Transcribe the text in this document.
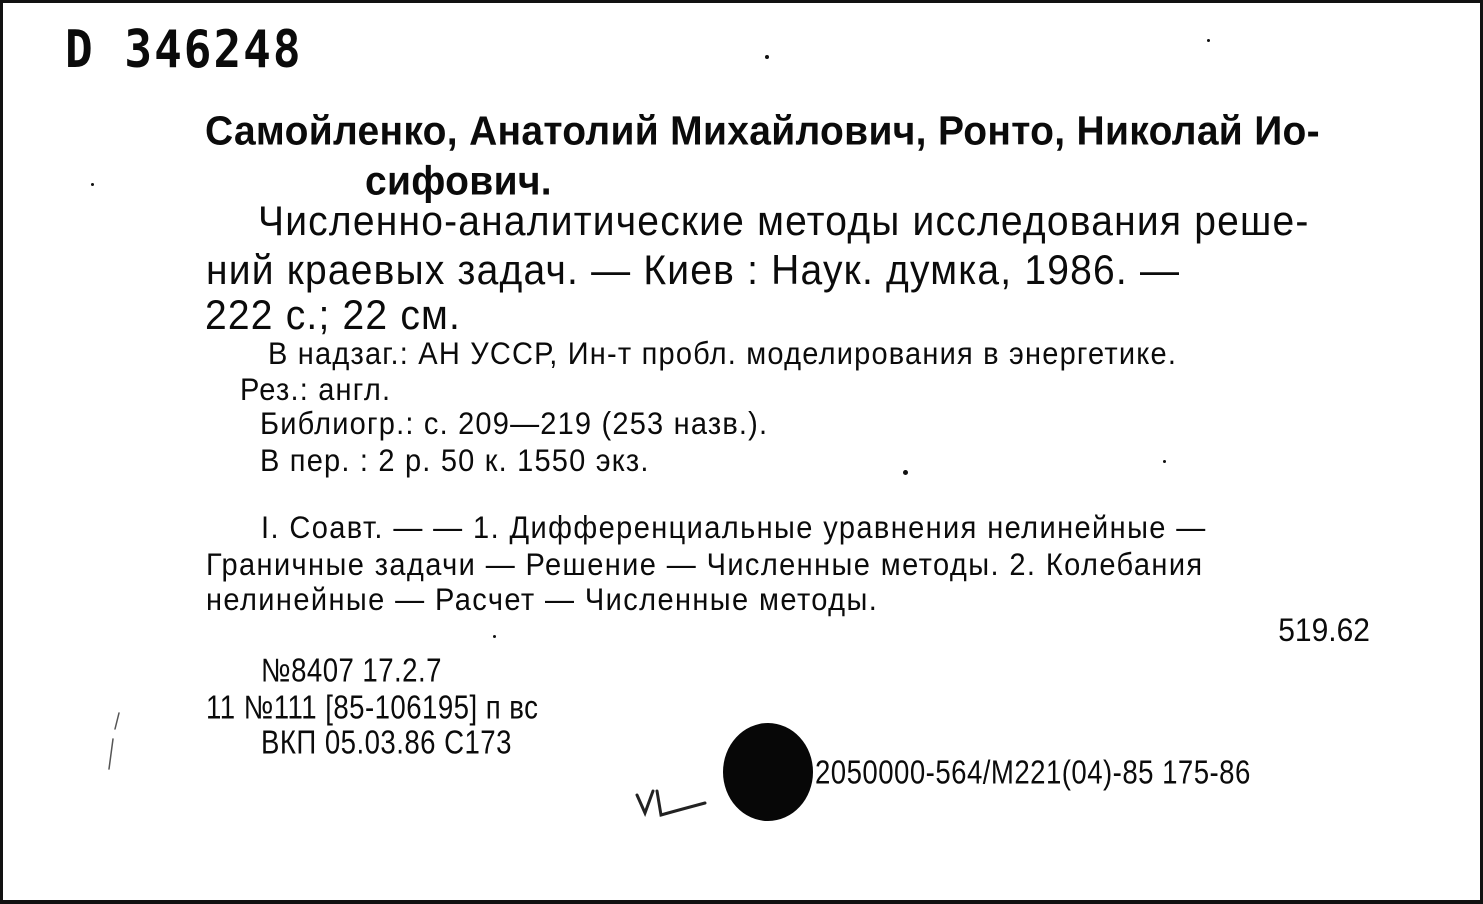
D 346248
Самойленко, Анатолий Михайлович, Ронто, Николай Ио-
сифович.
Численно-аналитические методы исследования реше-
ний краевых задач. — Киев : Наук. думка, 1986. —
222 с.; 22 см.
В надзаг.: АН УССР, Ин-т пробл. моделирования в энергетике.
Рез.: англ.
Библиогр.: с. 209—219 (253 назв.).
В пер. : 2 р. 50 к. 1550 экз.
I. Соавт. — — 1. Дифференциальные уравнения нелинейные —
Граничные задачи — Решение — Численные методы. 2. Колебания
нелинейные — Расчет — Численные методы.
519.62
№8407 17.2.7
11 №111 [85-106195] п вс
ВКП 05.03.86 С173
2050000-564/M221(04)-85 175-86
